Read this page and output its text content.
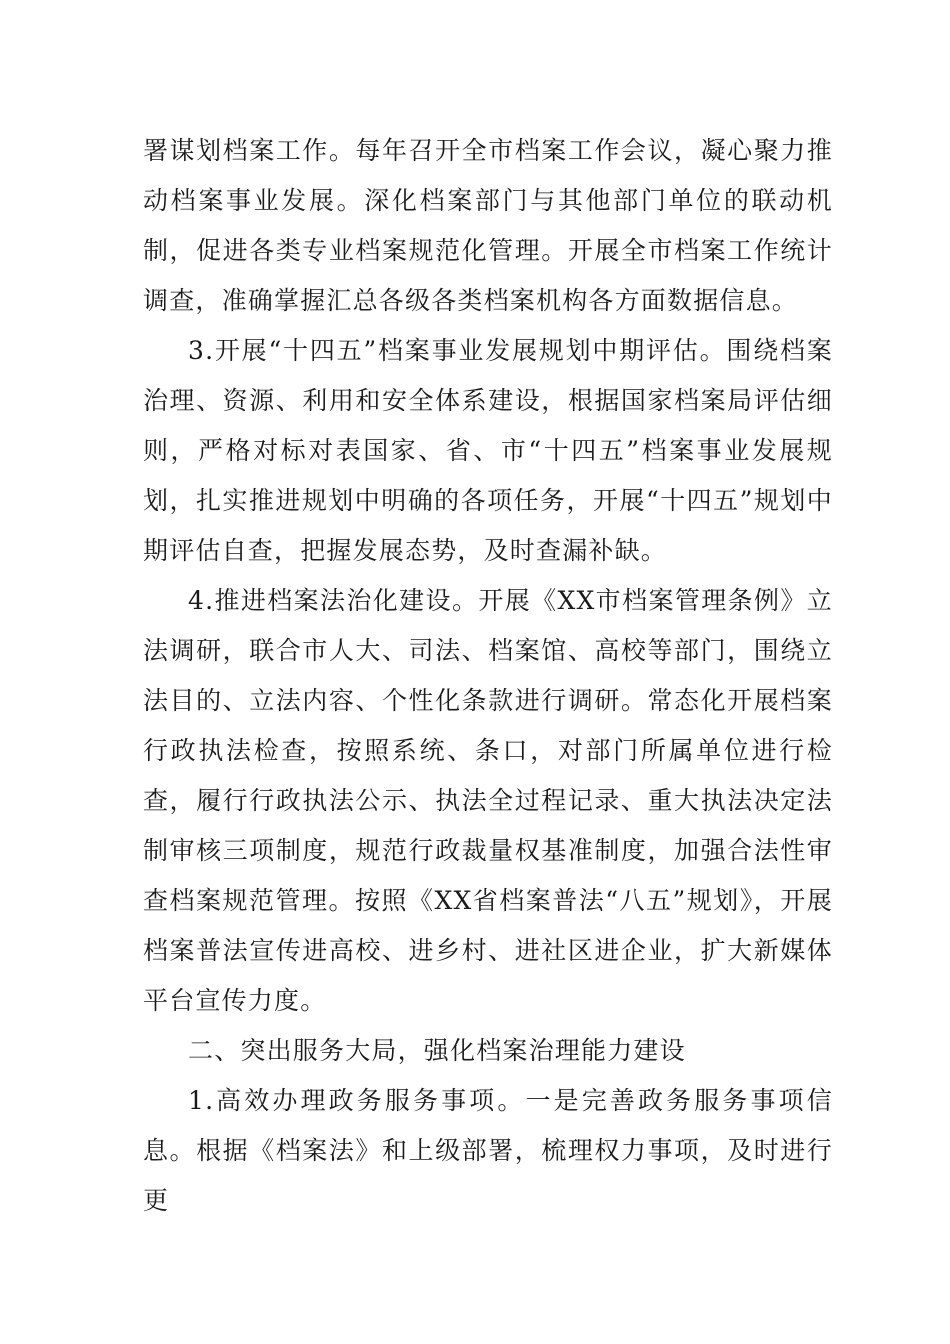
署谋划档案工作。每年召开全市档案工作会议，凝心聚力推动档案事业发展。深化档案部门与其他部门单位的联动机制，促进各类专业档案规范化管理。开展全市档案工作统计调查，准确掌握汇总各级各类档案机构各方面数据信息。

3.开展“十四五”档案事业发展规划中期评估。围绕档案治理、资源、利用和安全体系建设，根据国家档案局评估细则，严格对标对表国家、省、市“十四五”档案事业发展规划，扎实推进规划中明确的各项任务，开展“十四五”规划中期评估自查，把握发展态势，及时查漏补缺。

4.推进档案法治化建设。开展《XX市档案管理条例》立法调研，联合市人大、司法、档案馆、高校等部门，围绕立法目的、立法内容、个性化条款进行调研。常态化开展档案行政执法检查，按照系统、条口，对部门所属单位进行检查，履行行政执法公示、执法全过程记录、重大执法决定法制审核三项制度，规范行政裁量权基准制度，加强合法性审查档案规范管理。按照《XX省档案普法“八五”规划》，开展档案普法宣传进高校、进乡村、进社区进企业，扩大新媒体平台宣传力度。

二、突出服务大局，强化档案治理能力建设

1.高效办理政务服务事项。一是完善政务服务事项信息。根据《档案法》和上级部署，梳理权力事项，及时进行更
